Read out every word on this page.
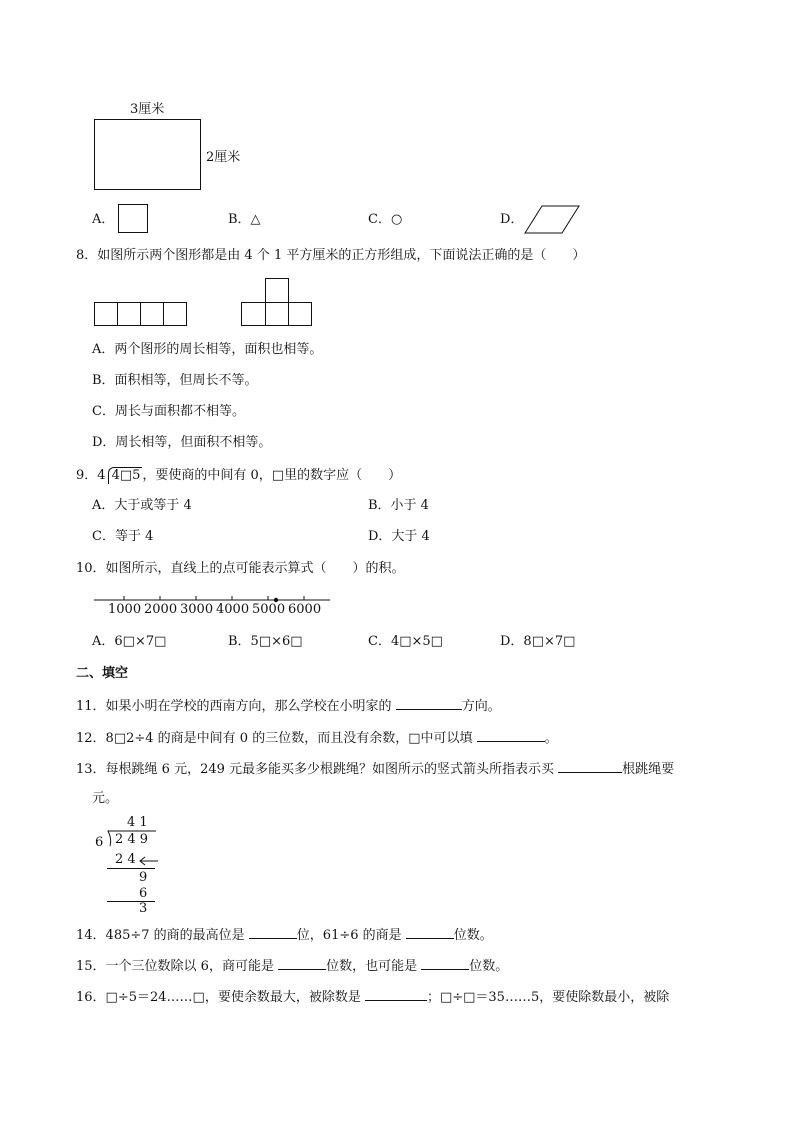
3厘米
2厘米
A．	B．△	C．○	D．
8．如图所示两个图形都是由 4 个 1 平方厘米的正方形组成，下面说法正确的是（　　）
A．两个图形的周长相等，面积也相等。
B．面积相等，但周长不等。
C．周长与面积都不相等。
D．周长相等，但面积不相等。
9．4 4□5 ，要使商的中间有 0，□里的数字应（　　）
A．大于或等于 4	B．小于 4
C．等于 4	D．大于 4
10．如图所示，直线上的点可能表示算式（　　）的积。
1000 2000 3000 4000 5000 6000
A．6□×7□	B．5□×6□	C．4□×5□	D．8□×7□
二、填空
11．如果小明在学校的西南方向，那么学校在小明家的	方向。
12．8□2÷4 的商是中间有 0 的三位数，而且没有余数，□中可以填	。
13．每根跳绳 6 元，249 元最多能买多少根跳绳？如图所示的竖式箭头所指表示买	根跳绳要
元。
4 1
6 2 4 9
2 4
9
6
3
14．485÷7 的商的最高位是	位，61÷6 的商是	位数。
15．一个三位数除以 6，商可能是	位数，也可能是	位数。
16．□÷5＝24……□，要使余数最大，被除数是	；□÷□＝35……5，要使除数最小，被除
